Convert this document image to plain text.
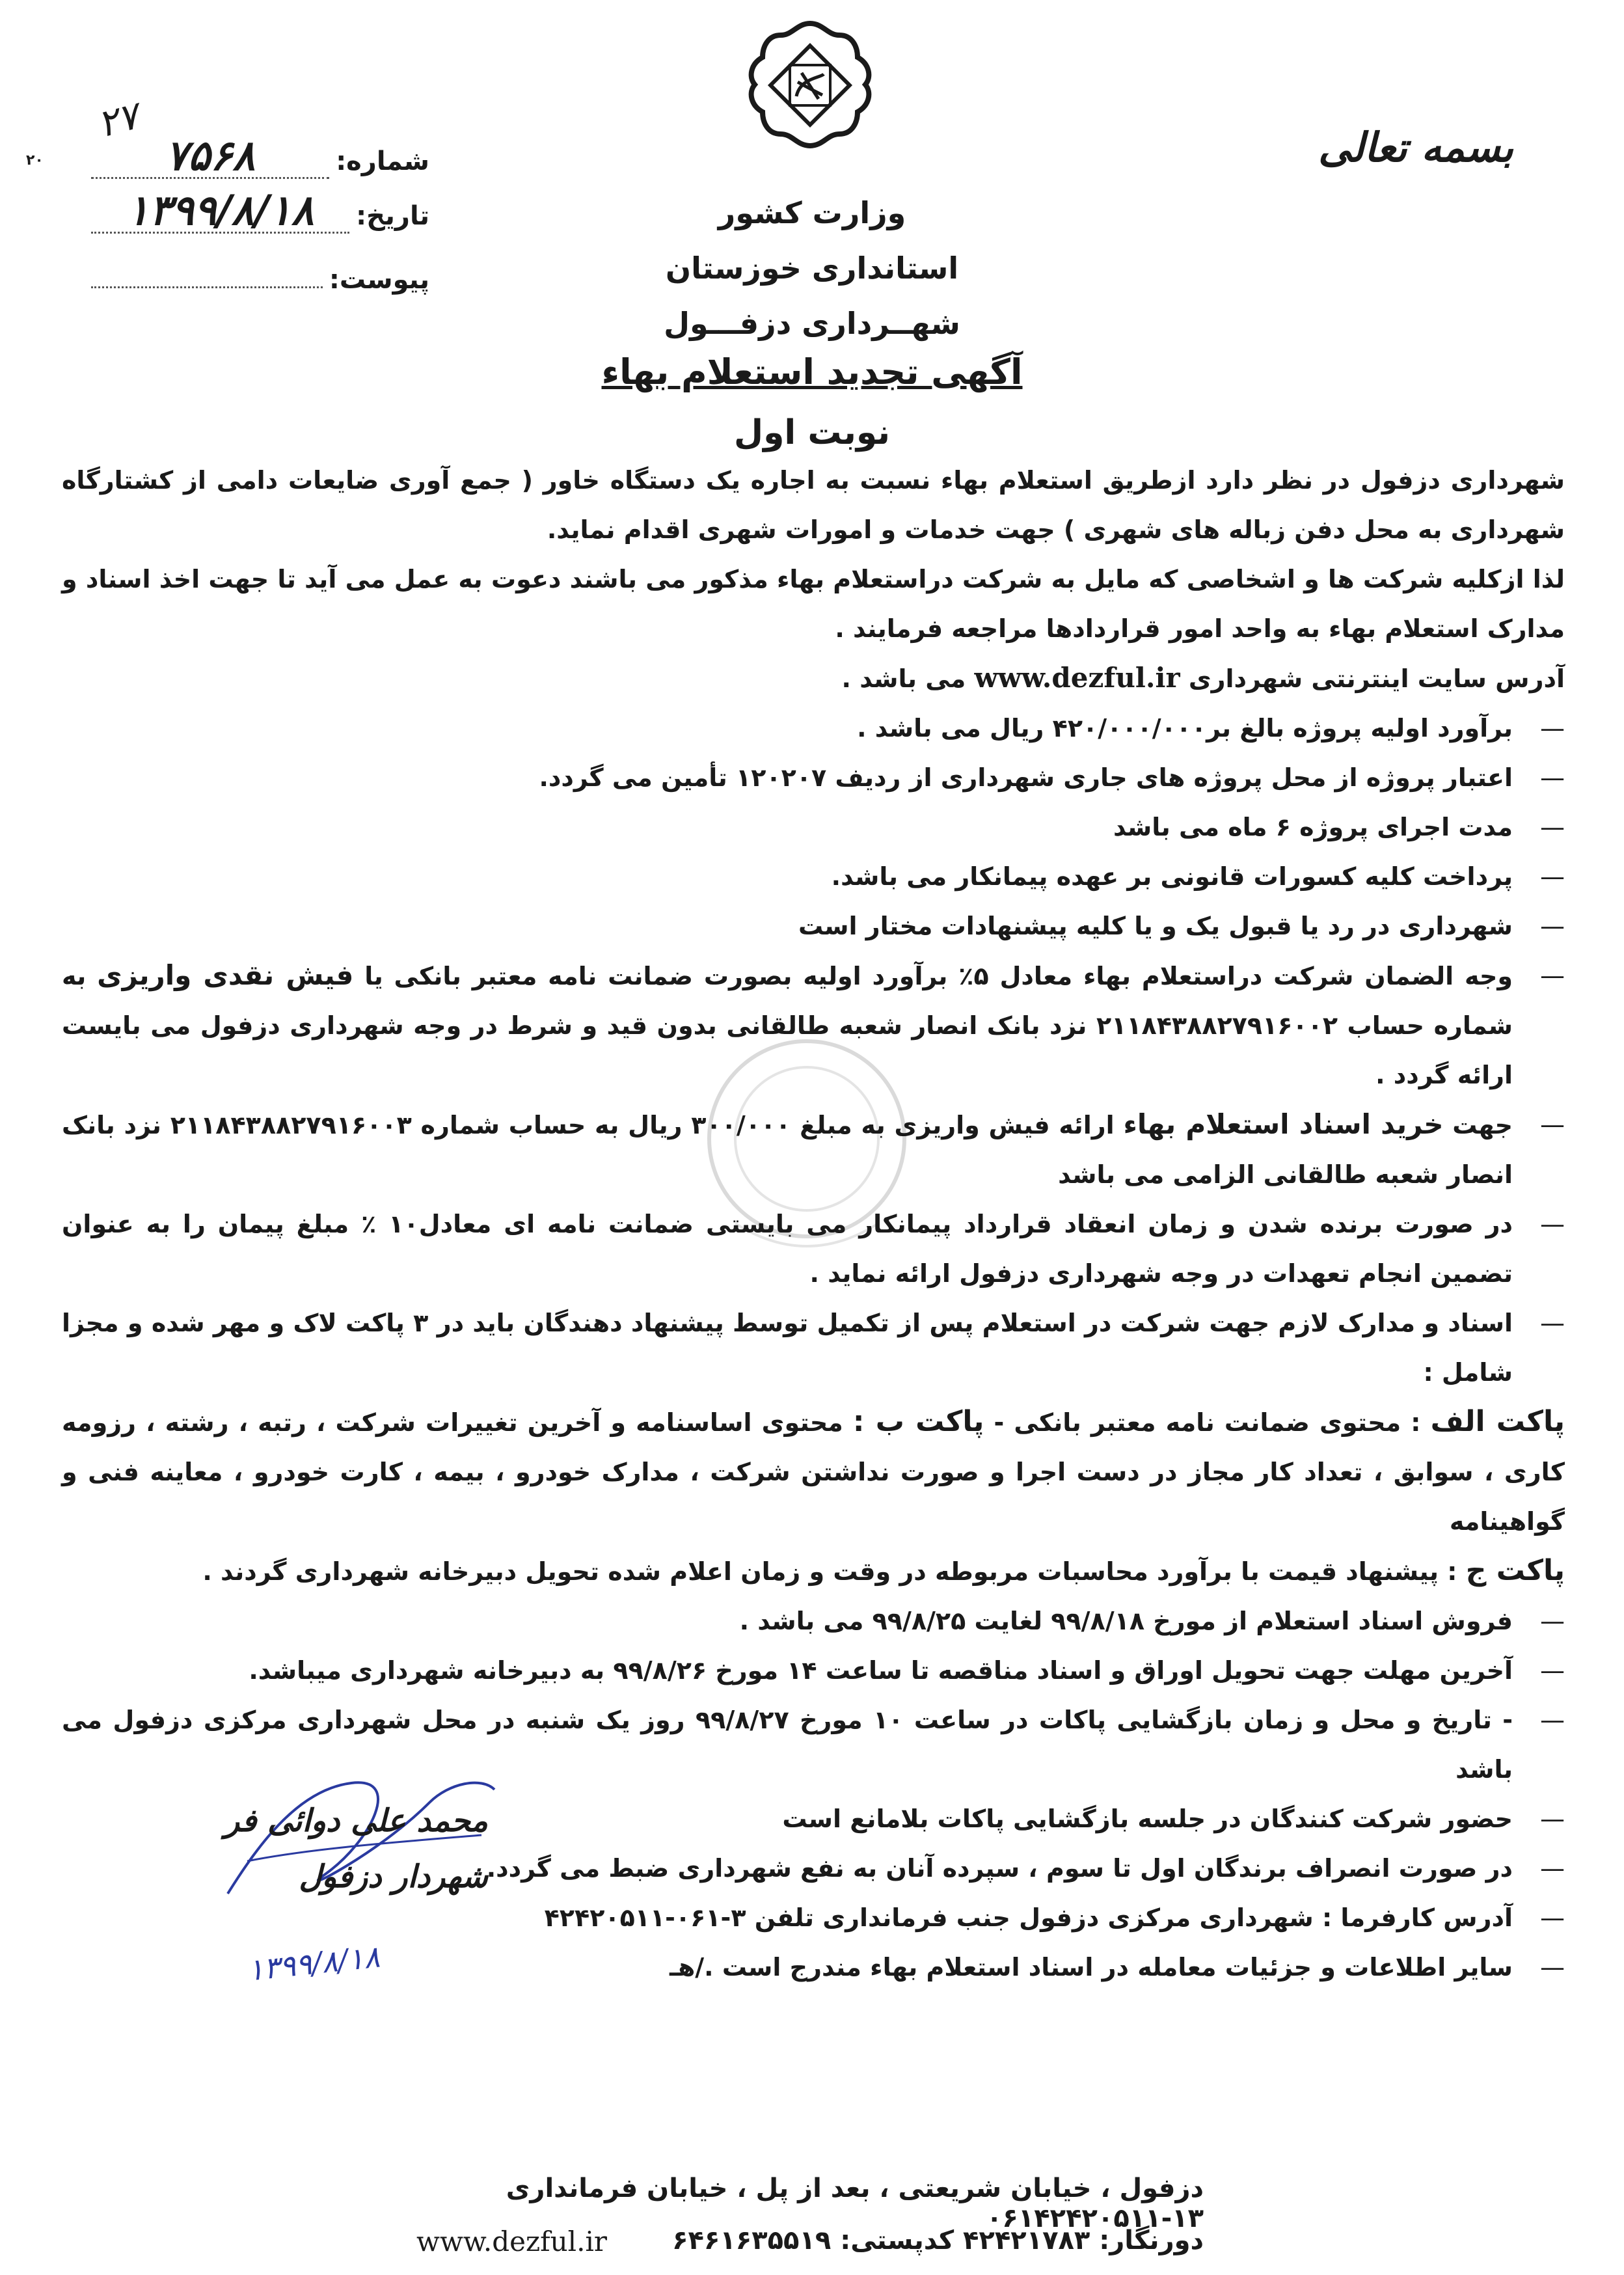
بسمه تعالی
۲۰
۲۷
شماره:
۷۵۶۸
تاریخ:
۱۳۹۹/۸/۱۸
پیوست:
وزارت کشور
استانداری خوزستان
شهــرداری دزفـــول
آگهی تجدید استعلام بهاء
نوبت اول

شهرداری دزفول در نظر دارد ازطریق استعلام بهاء نسبت به اجاره یک دستگاه خاور ( جمع آوری ضایعات دامی از کشتارگاه شهرداری به محل دفن زباله های شهری ) جهت خدمات و امورات شهری اقدام نماید.

لذا ازکلیه شرکت ها و اشخاصی که مایل به شرکت دراستعلام بهاء مذکور می باشند دعوت به عمل می آید تا جهت اخذ اسناد و مدارک استعلام بهاء به واحد امور قراردادها مراجعه فرمایند .

آدرس سایت اینترنتی شهرداری www.dezful.ir می باشد .

— برآورد اولیه پروژه بالغ بر۴۲۰/۰۰۰/۰۰۰ ریال می باشد .
— اعتبار پروژه از محل پروژه های جاری شهرداری از ردیف ۱۲۰۲۰۷ تأمین می گردد.
— مدت اجرای پروژه ۶ ماه می باشد
— پرداخت کلیه کسورات قانونی بر عهده پیمانکار می باشد.
— شهرداری در رد یا قبول یک و یا کلیه پیشنهادات مختار است
— وجه الضمان شرکت دراستعلام بهاء معادل ۵٪ برآورد اولیه بصورت ضمانت نامه معتبر بانکی یا فیش نقدی واریزی به شماره حساب ۲۱۱۸۴۳۸۸۲۷۹۱۶۰۰۲ نزد بانک انصار شعبه طالقانی بدون قید و شرط در وجه شهرداری دزفول می بایست ارائه گردد .
— جهت خرید اسناد استعلام بهاء ارائه فیش واریزی به مبلغ ۳۰۰/۰۰۰ ریال به حساب شماره ۲۱۱۸۴۳۸۸۲۷۹۱۶۰۰۳ نزد بانک انصار شعبه طالقانی الزامی می باشد
— در صورت برنده شدن و زمان انعقاد قرارداد پیمانکار می بایستی ضمانت نامه ای معادل۱۰ ٪ مبلغ پیمان را به عنوان تضمین انجام تعهدات در وجه شهرداری دزفول ارائه نماید .
— اسناد و مدارک لازم جهت شرکت در استعلام پس از تکمیل توسط پیشنهاد دهندگان باید در ۳ پاکت لاک و مهر شده و مجزا شامل :
پاکت الف : محتوی ضمانت نامه معتبر بانکی - پاکت ب : محتوی اساسنامه و آخرین تغییرات شرکت ، رتبه ، رشته ، رزومه کاری ، سوابق ، تعداد کار مجاز در دست اجرا و صورت نداشتن شرکت ، مدارک خودرو ، بیمه ، کارت خودرو ، معاینه فنی و گواهینامه
پاکت ج : پیشنهاد قیمت با برآورد محاسبات مربوطه در وقت و زمان اعلام شده تحویل دبیرخانه شهرداری گردند .
— فروش اسناد استعلام از مورخ ۹۹/۸/۱۸ لغایت ۹۹/۸/۲۵ می باشد .
— آخرین مهلت جهت تحویل اوراق و اسناد مناقصه تا ساعت ۱۴ مورخ ۹۹/۸/۲۶ به دبیرخانه شهرداری میباشد.
— - تاریخ و محل و زمان بازگشایی پاکات در ساعت ۱۰ مورخ ۹۹/۸/۲۷ روز یک شنبه در محل شهرداری مرکزی دزفول می باشد
— حضور شرکت کنندگان در جلسه بازگشایی پاکات بلامانع است
— در صورت انصراف برندگان اول تا سوم ، سپرده آنان به نفع شهرداری ضبط می گردد.
— آدرس کارفرما : شهرداری مرکزی دزفول جنب فرمانداری تلفن ۳-۰۶۱-۴۲۴۲۰۵۱۱
— سایر اطلاعات و جزئیات معامله در اسناد استعلام بهاء مندرج است ./هـ
محمد علی دوائی فر
شهردار دزفول
۱۳۹۹/۸/۱۸
دزفول ، خیابان شریعتی ، بعد از پل ، خیابان فرمانداری ۱۳-۰۶۱۴۲۴۲۰۵۱۱
دورنگار: ۴۲۴۲۱۷۸۳ کدپستی: ۶۴۶۱۶۳۵۵۱۹
www.dezful.ir
